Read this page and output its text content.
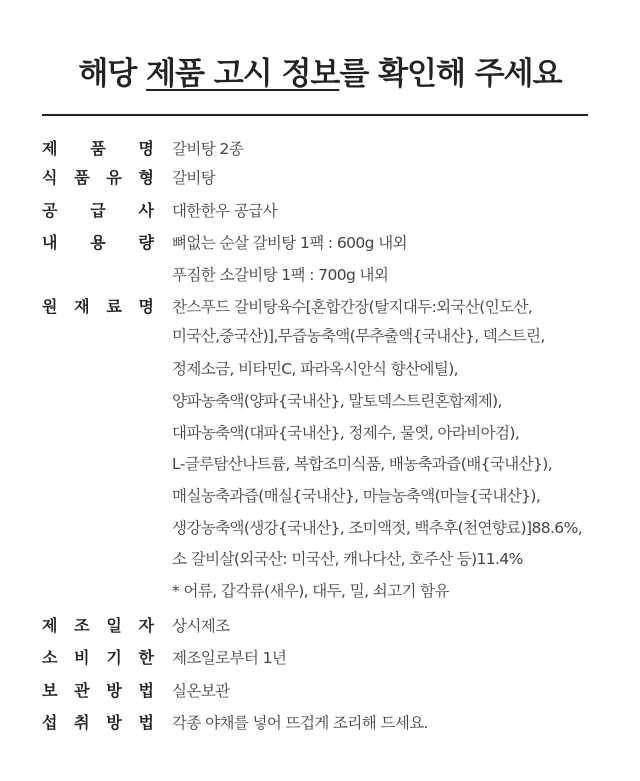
해당 제품 고시 정보를 확인해 주세요
제 품 명 갈비탕 2종
식 품 유 형 갈비탕
공 급 사 대한한우 공급사
내 용 량 뼈없는 순살 갈비탕 1팩 : 600g 내외
푸짐한 소갈비탕 1팩 : 700g 내외
원 재 료 명 찬스푸드 갈비탕육수[혼합간장(탈지대두:외국산(인도산,
미국산,중국산)],무즙농축액(무추출액{국내산}, 덱스트린,
정제소금, 비타민C, 파라옥시안식 향산에틸),
양파농축액(양파{국내산}, 말토덱스트린혼합제제),
대파농축액(대파{국내산}, 정제수, 물엿, 아라비아검),
L-글루탐산나트륨, 복합조미식품, 배농축과즙(배{국내산}),
매실농축과즙(매실{국내산}, 마늘농축액(마늘{국내산}),
생강농축액(생강{국내산}, 조미액젓, 백추후(천연향료)]88.6%,
소 갈비살(외국산: 미국산, 캐나다산, 호주산 등)11.4%
* 어류, 갑각류(새우), 대두, 밀, 쇠고기 함유
제 조 일 자 상시제조
소 비 기 한 제조일로부터 1년
보 관 방 법 실온보관
섭 취 방 법 각종 야채를 넣어 뜨겁게 조리해 드세요.
